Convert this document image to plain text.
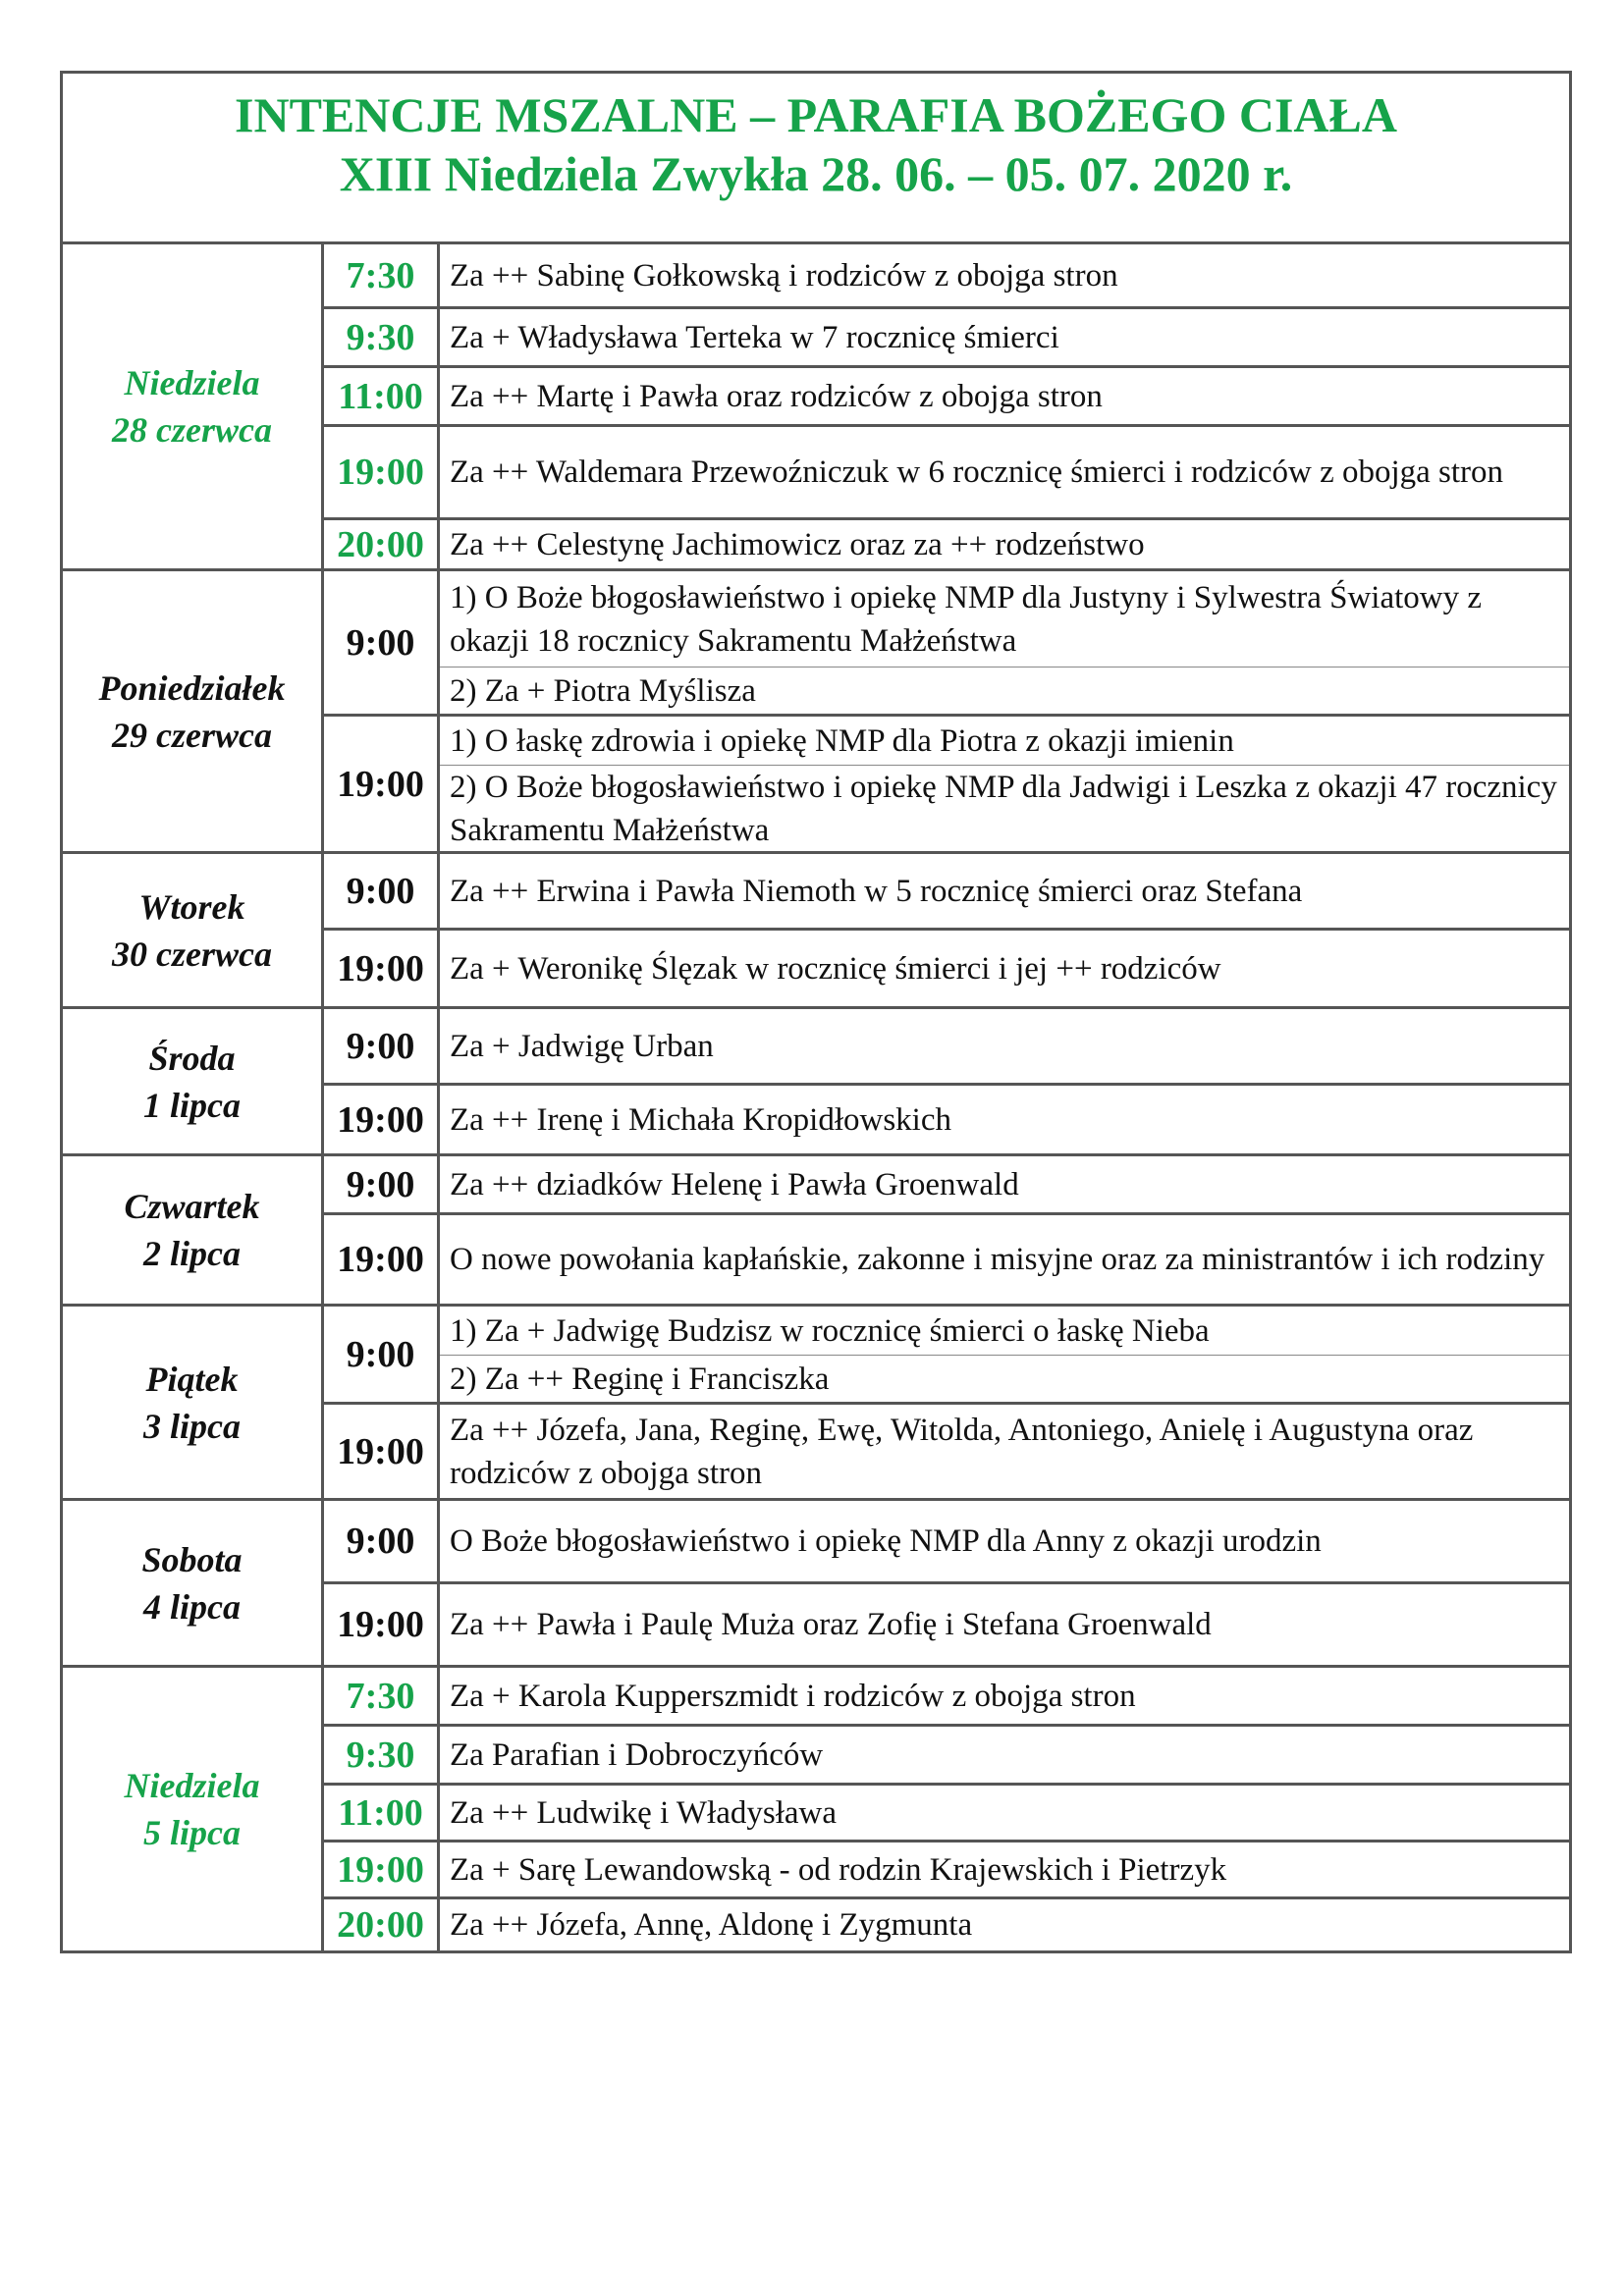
INTENCJE MSZALNE – PARAFIA BOŻEGO CIAŁA
XIII Niedziela Zwykła 28. 06. – 05. 07. 2020 r.
Niedziela
28 czerwca
Poniedziałek
29 czerwca
Wtorek
30 czerwca
Środa
1 lipca
Czwartek
2 lipca
Piątek
3 lipca
Sobota
4 lipca
Niedziela
5 lipca
7:30
9:30
11:00
19:00
20:00
9:00
19:00
9:00
19:00
9:00
19:00
9:00
19:00
9:00
19:00
9:00
19:00
7:30
9:30
11:00
19:00
20:00
Za ++ Sabinę Gołkowską i rodziców z obojga stron
Za + Władysława Terteka w 7 rocznicę śmierci
Za ++ Martę i Pawła oraz rodziców z obojga stron
Za ++ Waldemara Przewoźniczuk w 6 rocznicę śmierci i rodziców z obojga stron
Za ++ Celestynę Jachimowicz oraz za ++ rodzeństwo
1) O Boże błogosławieństwo i opiekę NMP dla Justyny i Sylwestra Światowy z okazji 18 rocznicy Sakramentu Małżeństwa
2) Za + Piotra Myślisza
1) O łaskę zdrowia i opiekę NMP dla Piotra z okazji imienin
2) O Boże błogosławieństwo i opiekę NMP dla Jadwigi i Leszka z okazji 47 rocznicy Sakramentu Małżeństwa
Za ++ Erwina i Pawła Niemoth w 5 rocznicę śmierci oraz Stefana
Za + Weronikę Ślęzak w rocznicę śmierci i jej ++ rodziców
Za + Jadwigę Urban
Za ++ Irenę i Michała Kropidłowskich
Za ++ dziadków Helenę i Pawła Groenwald
O nowe powołania kapłańskie, zakonne i misyjne oraz za ministrantów i ich rodziny
1) Za + Jadwigę Budzisz w rocznicę śmierci o łaskę Nieba
2) Za ++ Reginę i Franciszka
Za ++ Józefa, Jana, Reginę, Ewę, Witolda, Antoniego, Anielę i Augustyna oraz rodziców z obojga stron
O Boże błogosławieństwo i opiekę NMP dla Anny z okazji urodzin
Za ++ Pawła i Paulę Muża oraz Zofię i Stefana Groenwald
Za + Karola Kupperszmidt i rodziców z obojga stron
Za Parafian i Dobroczyńców
Za ++ Ludwikę i Władysława
Za + Sarę Lewandowską - od rodzin Krajewskich i Pietrzyk
Za ++ Józefa, Annę, Aldonę i Zygmunta
